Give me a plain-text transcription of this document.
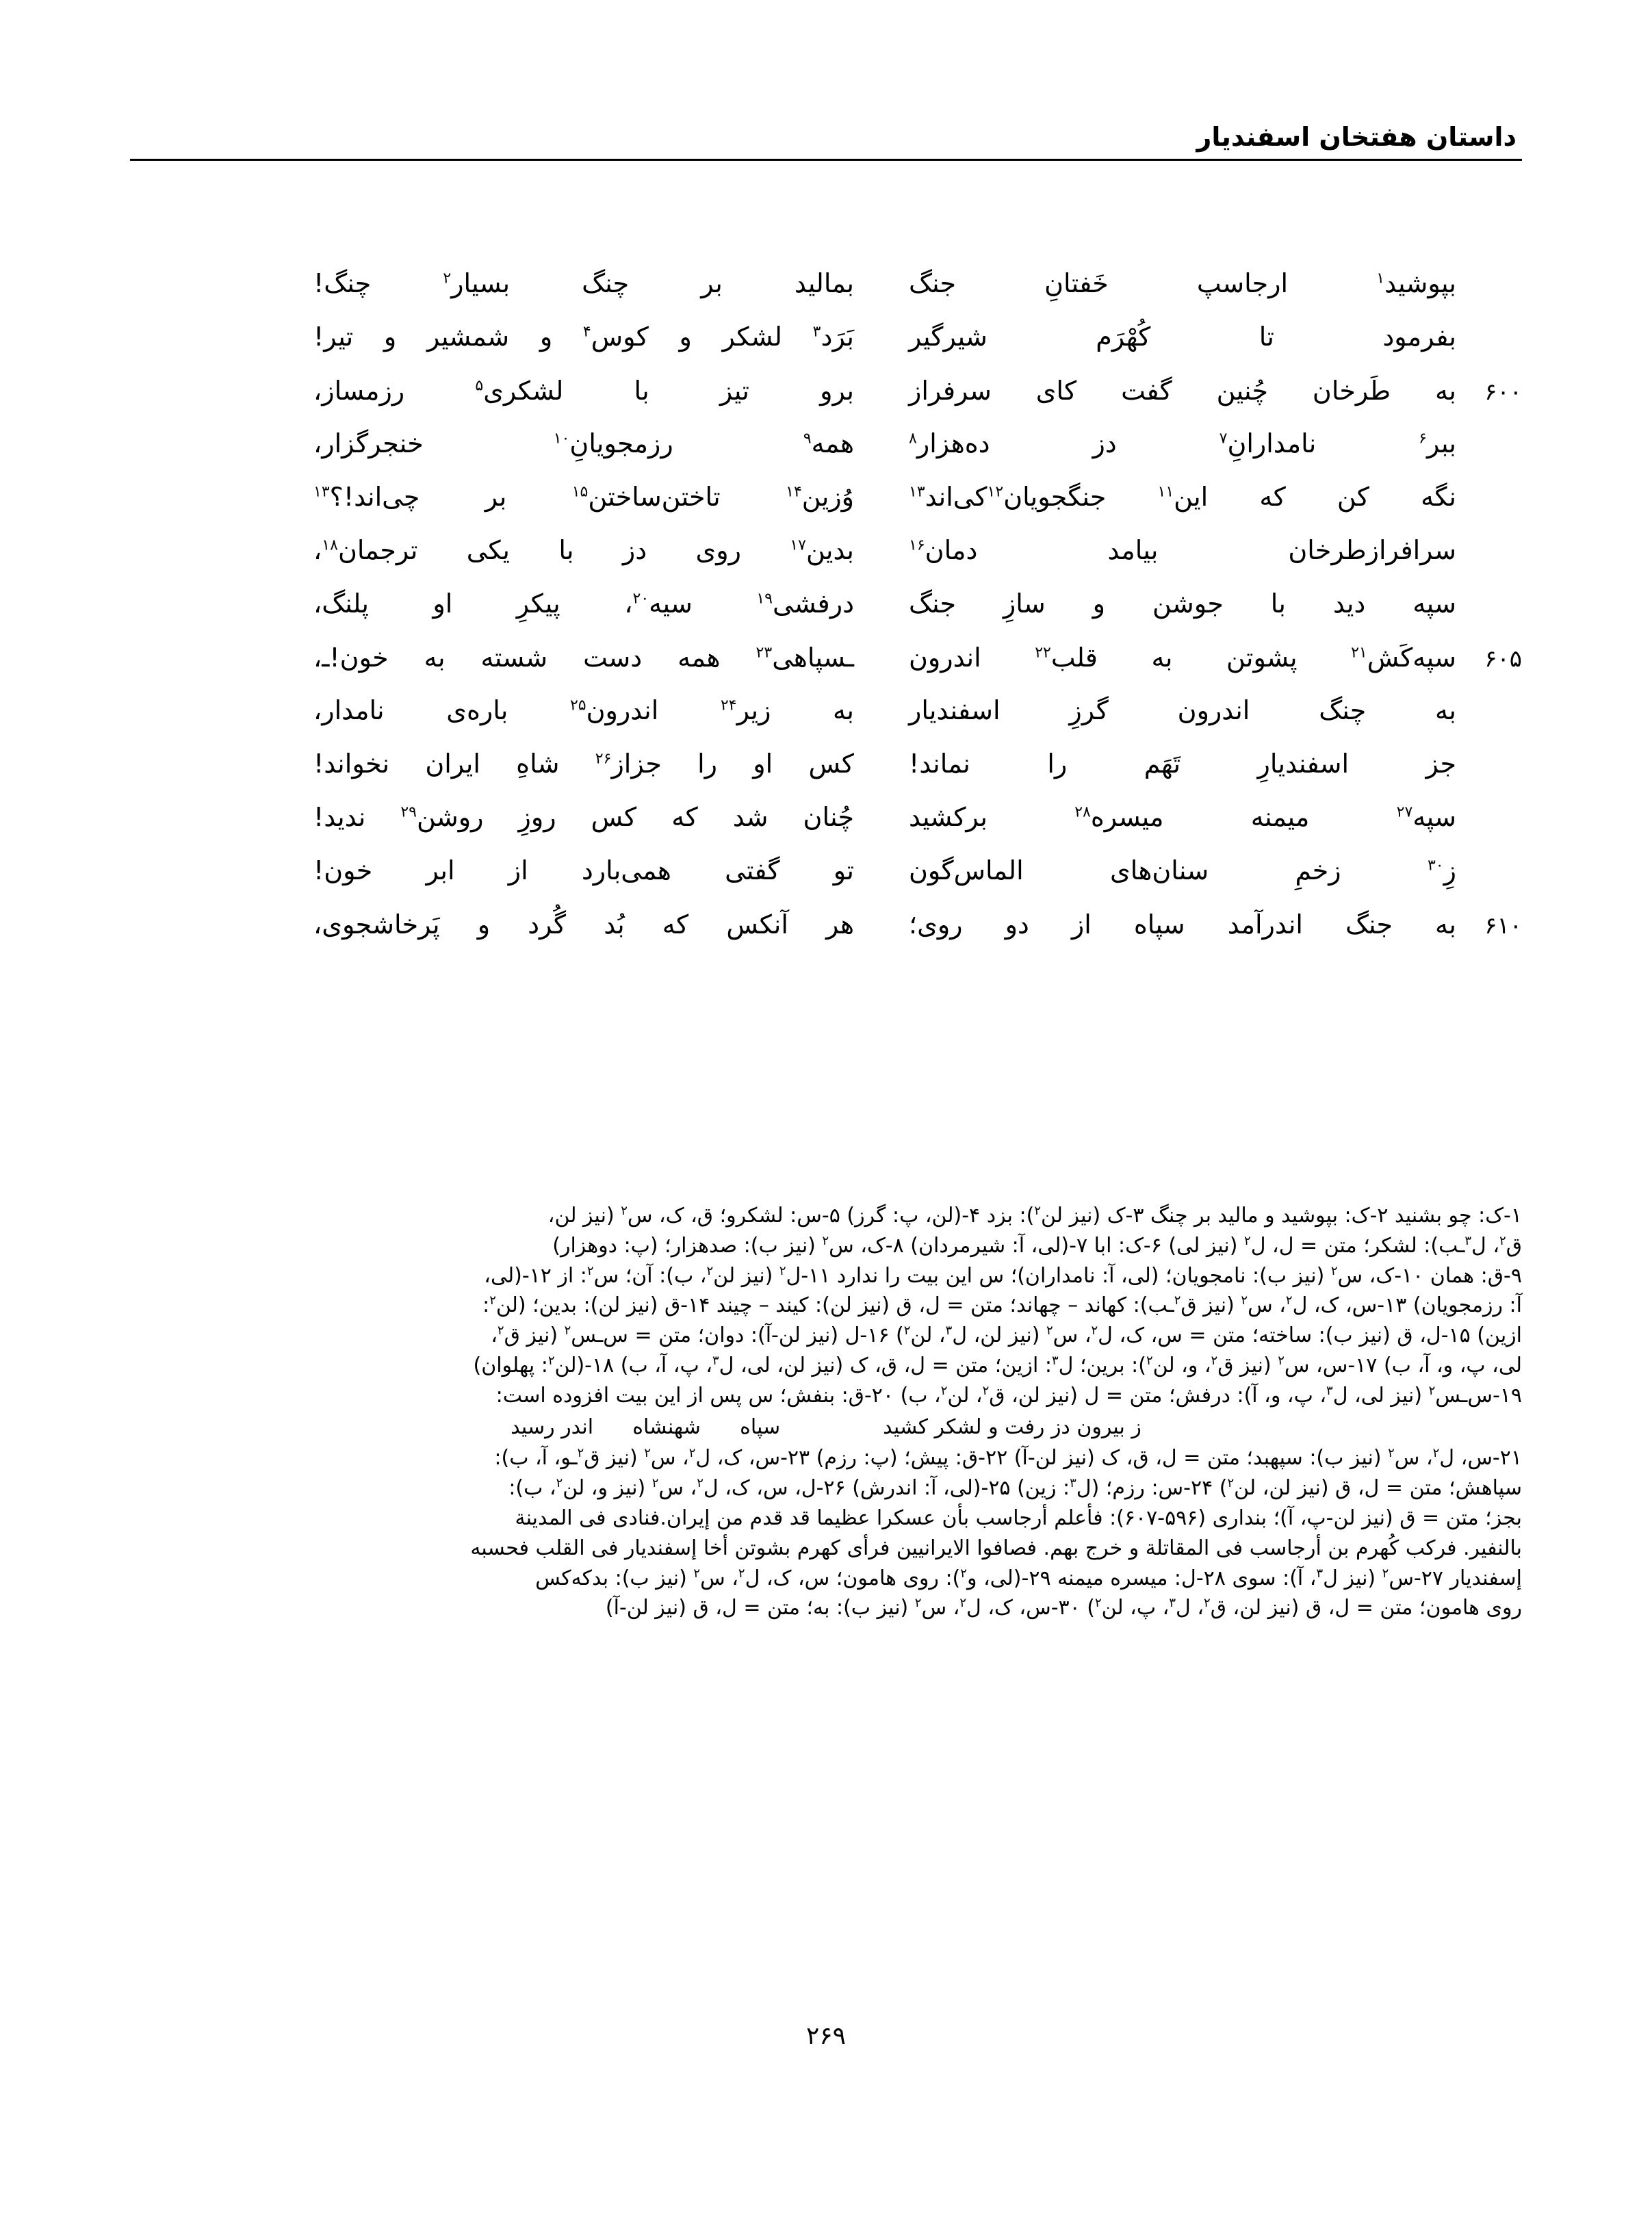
داستان هفتخان اسفندیار
بپوشید$^۱$ ارجاسپ خَفتانِ جنگ
بمالید بر چنگ بسیار$^۲$ چنگ!
بفرمود تا کُهْرَم شیرگیر
بَرَد$^۳$ لشکر و کوس$^۴$ و شمشیر و تیر!
۶۰۰
به طَرخان چُنین گفت کای سرفراز
برو تیز با لشکری$^۵$ رزمساز،
ببر$^۶$ نامدارانِ$^۷$ دز ده‌هزار$^۸$
همه$^۹$ رزمجویانِ$^{۱۰}$ خنجرگزار،
نگه کن که این$^{۱۱}$ جنگجویان$^{۱۲}$کی‌اند$^{۱۳}$
وُزین$^{۱۴}$ تاختن‌ساختن$^{۱۵}$ بر چی‌اند!؟$^{۱۳}$
سرافرازطرخان بیامد دمان$^{۱۶}$
بدین$^{۱۷}$ روی دز با یکی ترجمان$^{۱۸}$،
سپه دید با جوشن و سازِ جنگ
درفشی$^{۱۹}$ سیه$^{۲۰}$، پیکرِ او پلنگ،
۶۰۵
سپه‌کَش$^{۲۱}$ پشوتن به قلب$^{۲۲}$ اندرون
ـسپاهی$^{۲۳}$ همه دست شسته به خون!ـ،
به چنگ اندرون گرزِ اسفندیار
به زیر$^{۲۴}$ اندرون$^{۲۵}$ باره‌ی نامدار،
جز اسفندیارِ تَهَم را نماند!
کس او را جزاز$^{۲۶}$ شاهِ ایران نخواند!
سپه$^{۲۷}$ میمنه میسره$^{۲۸}$ برکشید
چُنان شد که کس روزِ روشن$^{۲۹}$ ندید!
زِ$^{۳۰}$ زخمِ سنان‌های الماس‌گون
تو گفتی همی‌بارد از ابر خون!
۶۱۰
به جنگ اندرآمد سپاه از دو روی؛
هر آنکس که بُد گُرد و پَرخاشجوی،
۱-ک: چو بشنید ۲-ک: بپوشید و مالید بر چنگ ۳-ک (نیز لن$^۲$): بزد ۴-(لن، پ: گرز) ۵-س: لشکرو؛ ق، ک، س$^۲$ (نیز لن،
ق$^۲$، ل$^۳$ـب): لشکر؛ متن = ل، ل$^۲$ (نیز لی) ۶-ک: ابا ۷-(لی، آ: شیرمردان) ۸-ک، س$^۲$ (نیز ب): صدهزار؛ (پ: دوهزار)
۹-ق: همان ۱۰-ک، س$^۲$ (نیز ب): نامجویان؛ (لی، آ: نامداران)؛ س این بیت را ندارد ۱۱-ل$^۲$ (نیز لن$^۲$، ب): آن؛ س$^۲$: از ۱۲-(لی،
آ: رزمجویان) ۱۳-س، ک، ل$^۲$، س$^۲$ (نیز ق$^۲$ـب): کهاند – چهاند؛ متن = ل، ق (نیز لن): کیند – چیند ۱۴-ق (نیز لن): بدین؛ (لن$^۲$:
ازین) ۱۵-ل، ق (نیز ب): ساخته؛ متن = س، ک، ل$^۲$، س$^۲$ (نیز لن، ل$^۳$، لن$^۲$) ۱۶-ل (نیز لن-آ): دوان؛ متن = س‌ـس$^۲$ (نیز ق$^۲$،
لی، پ، و، آ، ب) ۱۷-س، س$^۲$ (نیز ق$^۲$، و، لن$^۲$): برین؛ ل$^۳$: ازین؛ متن = ل، ق، ک (نیز لن، لی، ل$^۳$، پ، آ، ب) ۱۸-(لن$^۲$: پهلوان)
۱۹-س‌ـس$^۲$ (نیز لی، ل$^۳$، پ، و، آ): درفش؛ متن = ل (نیز لن، ق$^۲$، لن$^۲$، ب) ۲۰-ق: بنفش؛ س پس از این بیت افزوده است:
ز بیرون دز رفت و لشکر کشیدسپاه      شهنشاه      اندر رسید
۲۱-س، ل$^۲$، س$^۲$ (نیز ب): سپهبد؛ متن = ل، ق، ک (نیز لن-آ) ۲۲-ق: پیش؛ (پ: رزم) ۲۳-س، ک، ل$^۲$، س$^۲$ (نیز ق$^۲$ـو، آ، ب):
سپاهش؛ متن = ل، ق (نیز لن، لن$^۲$) ۲۴-س: رزم؛ (ل$^۳$: زین) ۲۵-(لی، آ: اندرش) ۲۶-ل، س، ک، ل$^۲$، س$^۲$ (نیز و، لن$^۲$، ب):
بجز؛ متن = ق (نیز لن-پ، آ)؛ بنداری (۵۹۶-۶۰۷): فأعلم أرجاسب بأن عسکرا عظیما قد قدم من إیران.فنادی فی المدینة
بالنفیر. فرکب کُهرم بن أرجاسب فی المقاتلة و خرج بهم. فصافوا الایرانیین فرأی کهرم بشوتن أخا إسفندیار فی القلب فحسبه
إسفندیار ۲۷-س$^۲$ (نیز ل$^۳$، آ): سوی ۲۸-ل: میسره میمنه ۲۹-(لی، و$^۲$): روی هامون؛ س، ک، ل$^۲$، س$^۲$ (نیز ب): بدکه‌کس
روی هامون؛ متن = ل، ق (نیز لن، ق$^۲$، ل$^۳$، پ، لن$^۲$) ۳۰-س، ک، ل$^۲$، س$^۲$ (نیز ب): به؛ متن = ل، ق (نیز لن-آ)
۲۶۹
